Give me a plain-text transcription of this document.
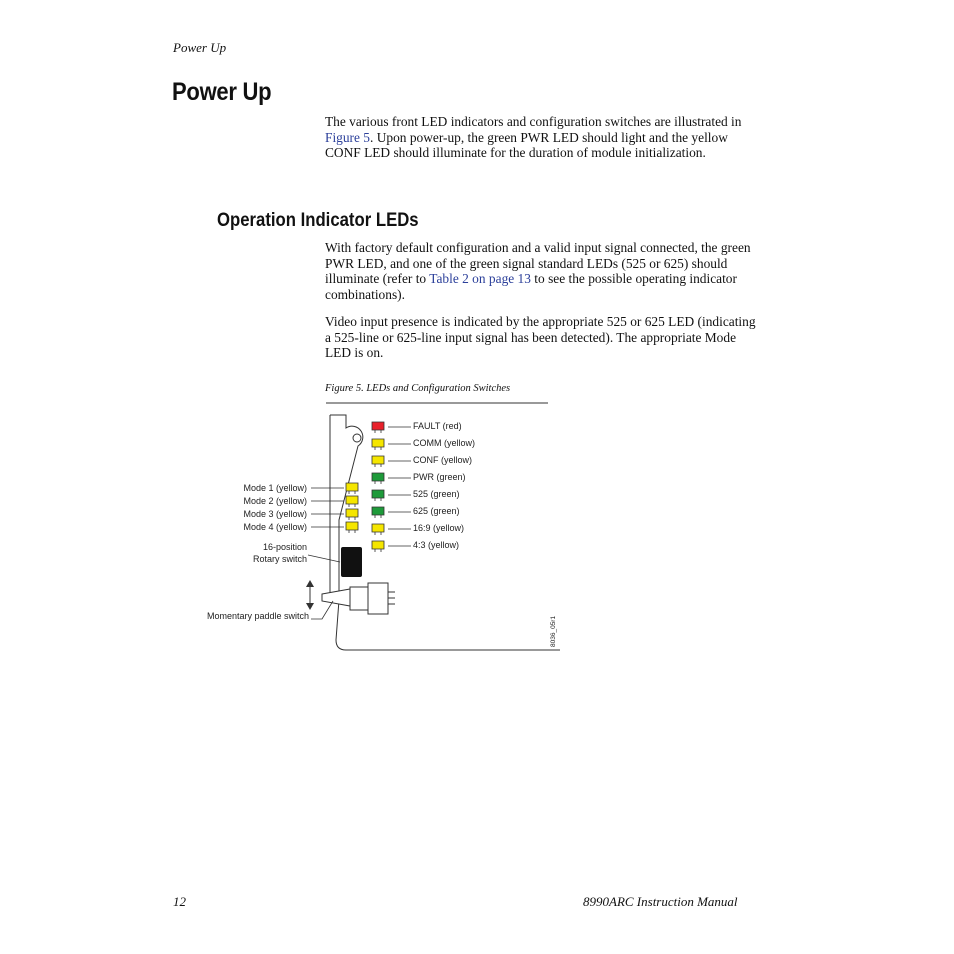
Power Up
Power Up
The various front LED indicators and configuration switches are illustrated in Figure 5. Upon power-up, the green PWR LED should light and the yellow CONF LED should illuminate for the duration of module initialization.
Operation Indicator LEDs
With factory default configuration and a valid input signal connected, the green PWR LED, and one of the green signal standard LEDs (525 or 625) should illuminate (refer to Table 2 on page 13 to see the possible operating indicator combinations).
Video input presence is indicated by the appropriate 525 or 625 LED (indicating a 525-line or 625-line input signal has been detected). The appropriate Mode LED is on.
Figure 5. LEDs and Configuration Switches
FAULT (red)
COMM (yellow)
CONF (yellow)
PWR (green)
525 (green)
625 (green)
16:9 (yellow)
4:3 (yellow)
Mode 1 (yellow)
Mode 2 (yellow)
Mode 3 (yellow)
Mode 4 (yellow)
16-position
Rotary switch
Momentary paddle switch	8036_05r1
12	8990ARC Instruction Manual
